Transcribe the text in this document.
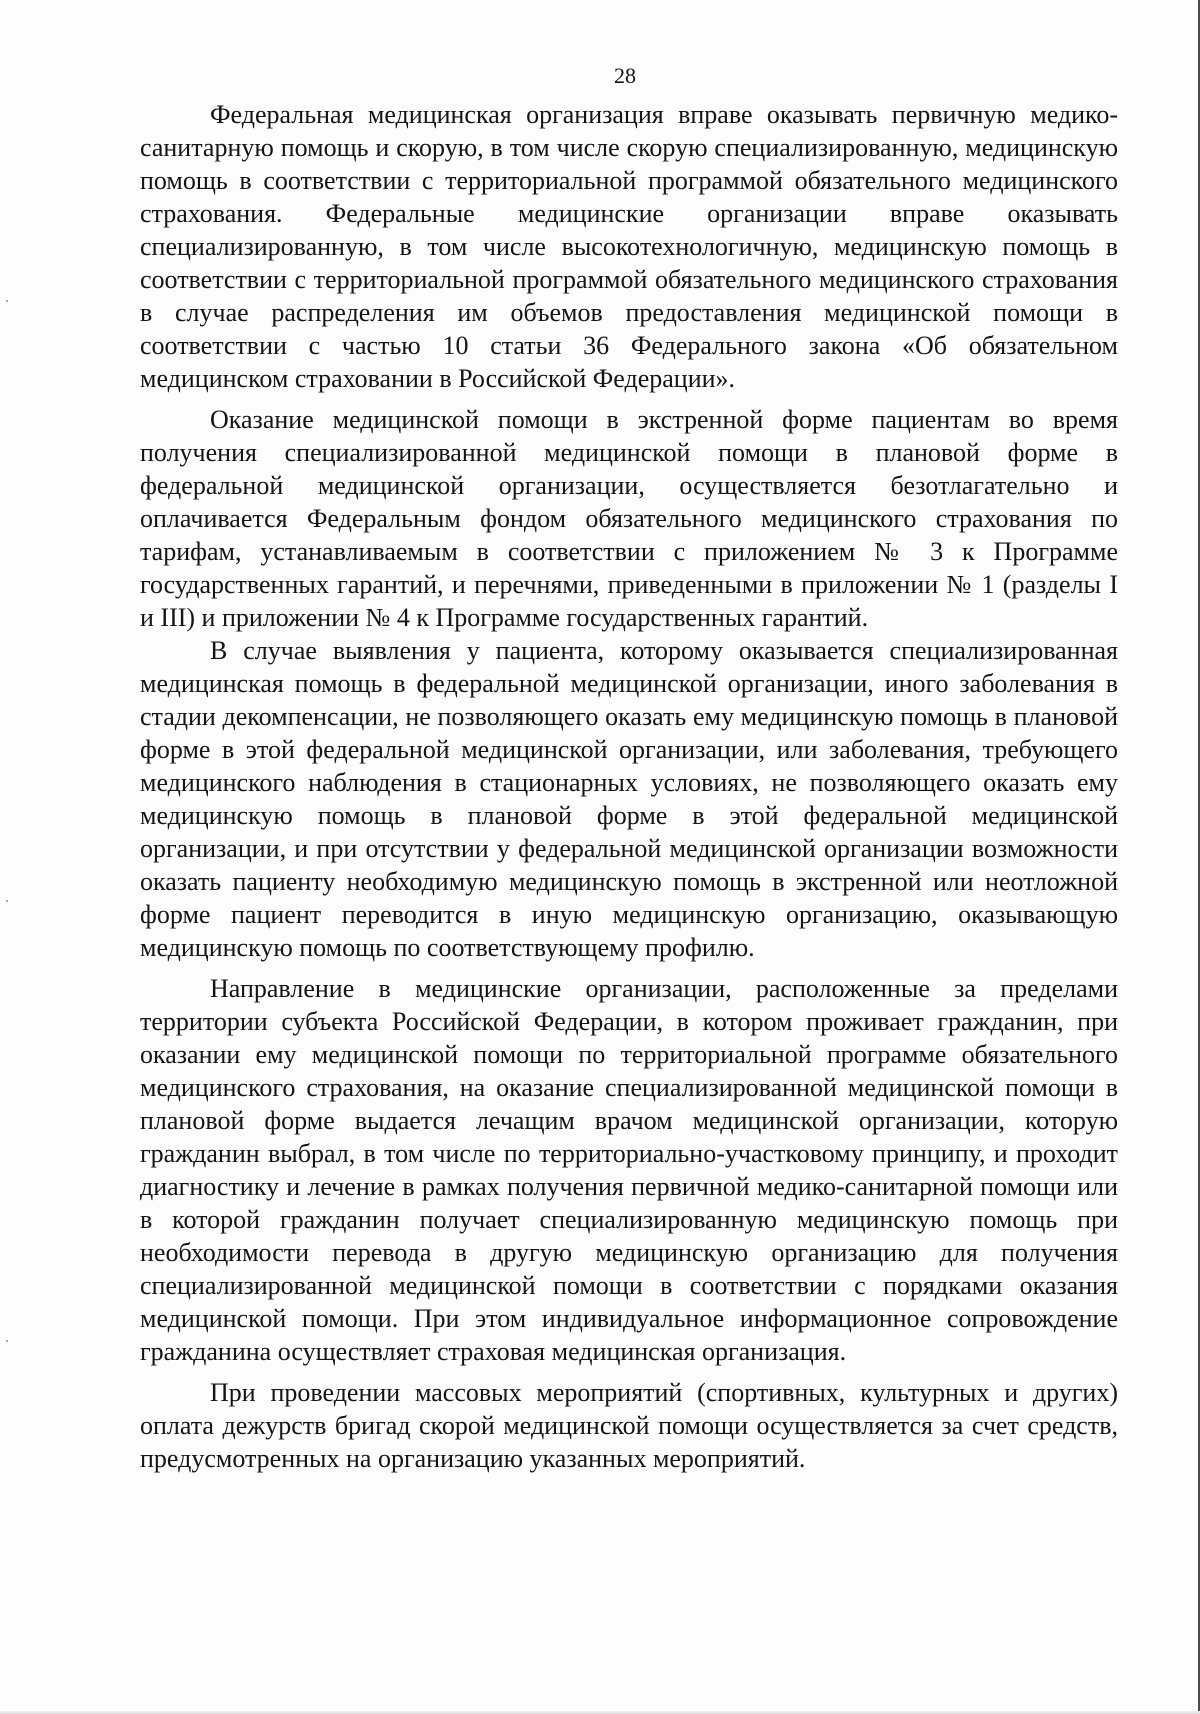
28

Федеральная медицинская организация вправе оказывать первичную медико-санитарную помощь и скорую, в том числе скорую специализированную, медицинскую помощь в соответствии с территориальной программой обязательного медицинского страхования. Федеральные медицинские организации вправе оказывать специализированную, в том числе высокотехнологичную, медицинскую помощь в соответствии с территориальной программой обязательного медицинского страхования в случае распределения им объемов предоставления медицинской помощи в соответствии с частью 10 статьи 36 Федерального закона «Об обязательном медицинском страховании в Российской Федерации».

Оказание медицинской помощи в экстренной форме пациентам во время получения специализированной медицинской помощи в плановой форме в федеральной медицинской организации, осуществляется безотлагательно и оплачивается Федеральным фондом обязательного медицинского страхования по тарифам, устанавливаемым в соответствии с приложением № 3 к Программе государственных гарантий, и перечнями, приведенными в приложении № 1 (разделы I и III) и приложении № 4 к Программе государственных гарантий.

В случае выявления у пациента, которому оказывается специализированная медицинская помощь в федеральной медицинской организации, иного заболевания в стадии декомпенсации, не позволяющего оказать ему медицинскую помощь в плановой форме в этой федеральной медицинской организации, или заболевания, требующего медицинского наблюдения в стационарных условиях, не позволяющего оказать ему медицинскую помощь в плановой форме в этой федеральной медицинской организации, и при отсутствии у федеральной медицинской организации возможности оказать пациенту необходимую медицинскую помощь в экстренной или неотложной форме пациент переводится в иную медицинскую организацию, оказывающую медицинскую помощь по соответствующему профилю.

Направление в медицинские организации, расположенные за пределами территории субъекта Российской Федерации, в котором проживает гражданин, при оказании ему медицинской помощи по территориальной программе обязательного медицинского страхования, на оказание специализированной медицинской помощи в плановой форме выдается лечащим врачом медицинской организации, которую гражданин выбрал, в том числе по территориально-участковому принципу, и проходит диагностику и лечение в рамках получения первичной медико-санитарной помощи или в которой гражданин получает специализированную медицинскую помощь при необходимости перевода в другую медицинскую организацию для получения специализированной медицинской помощи в соответствии с порядками оказания медицинской помощи. При этом индивидуальное информационное сопровождение гражданина осуществляет страховая медицинская организация.

При проведении массовых мероприятий (спортивных, культурных и других) оплата дежурств бригад скорой медицинской помощи осуществляется за счет средств, предусмотренных на организацию указанных мероприятий.
